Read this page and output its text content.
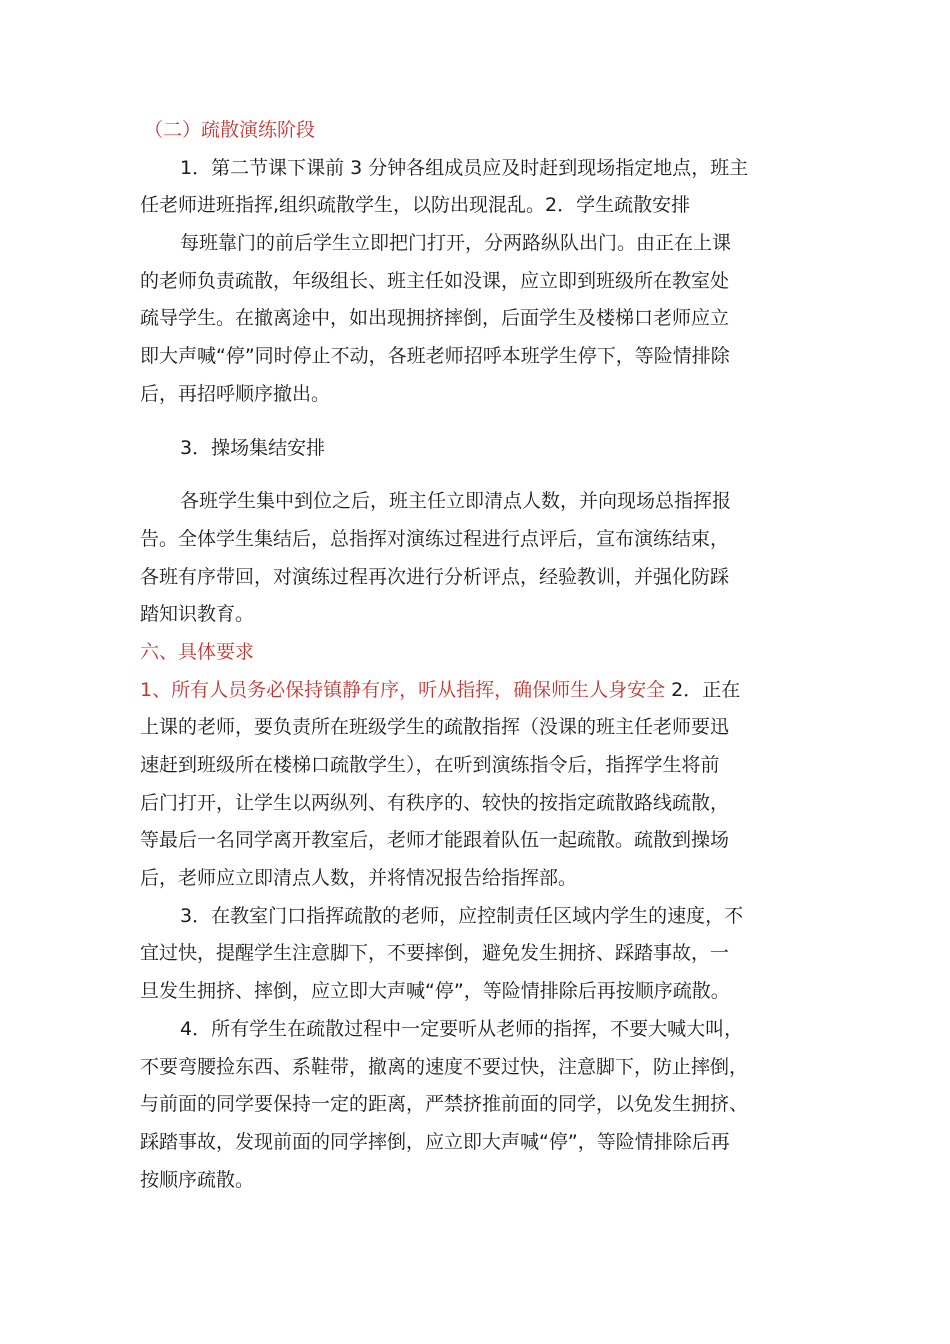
（二）疏散演练阶段
1．第二节课下课前 3 分钟各组成员应及时赶到现场指定地点，班主
任老师进班指挥,组织疏散学生，以防出现混乱。2．学生疏散安排
每班靠门的前后学生立即把门打开，分两路纵队出门。由正在上课
的老师负责疏散，年级组长、班主任如没课，应立即到班级所在教室处
疏导学生。在撤离途中，如出现拥挤摔倒，后面学生及楼梯口老师应立
即大声喊“停”同时停止不动，各班老师招呼本班学生停下，等险情排除
后，再招呼顺序撤出。
3．操场集结安排
各班学生集中到位之后，班主任立即清点人数，并向现场总指挥报
告。全体学生集结后，总指挥对演练过程进行点评后，宣布演练结束，
各班有序带回，对演练过程再次进行分析评点，经验教训，并强化防踩
踏知识教育。
六、具体要求
1、所有人员务必保持镇静有序，听从指挥，确保师生人身安全 2．正在
上课的老师，要负责所在班级学生的疏散指挥（没课的班主任老师要迅
速赶到班级所在楼梯口疏散学生），在听到演练指令后，指挥学生将前
后门打开，让学生以两纵列、有秩序的、较快的按指定疏散路线疏散，
等最后一名同学离开教室后，老师才能跟着队伍一起疏散。疏散到操场
后，老师应立即清点人数，并将情况报告给指挥部。
3．在教室门口指挥疏散的老师，应控制责任区域内学生的速度，不
宜过快，提醒学生注意脚下，不要摔倒，避免发生拥挤、踩踏事故，一
旦发生拥挤、摔倒，应立即大声喊“停”，等险情排除后再按顺序疏散。
4．所有学生在疏散过程中一定要听从老师的指挥，不要大喊大叫，
不要弯腰捡东西、系鞋带，撤离的速度不要过快，注意脚下，防止摔倒，
与前面的同学要保持一定的距离，严禁挤推前面的同学，以免发生拥挤、
踩踏事故，发现前面的同学摔倒，应立即大声喊“停”，等险情排除后再
按顺序疏散。
